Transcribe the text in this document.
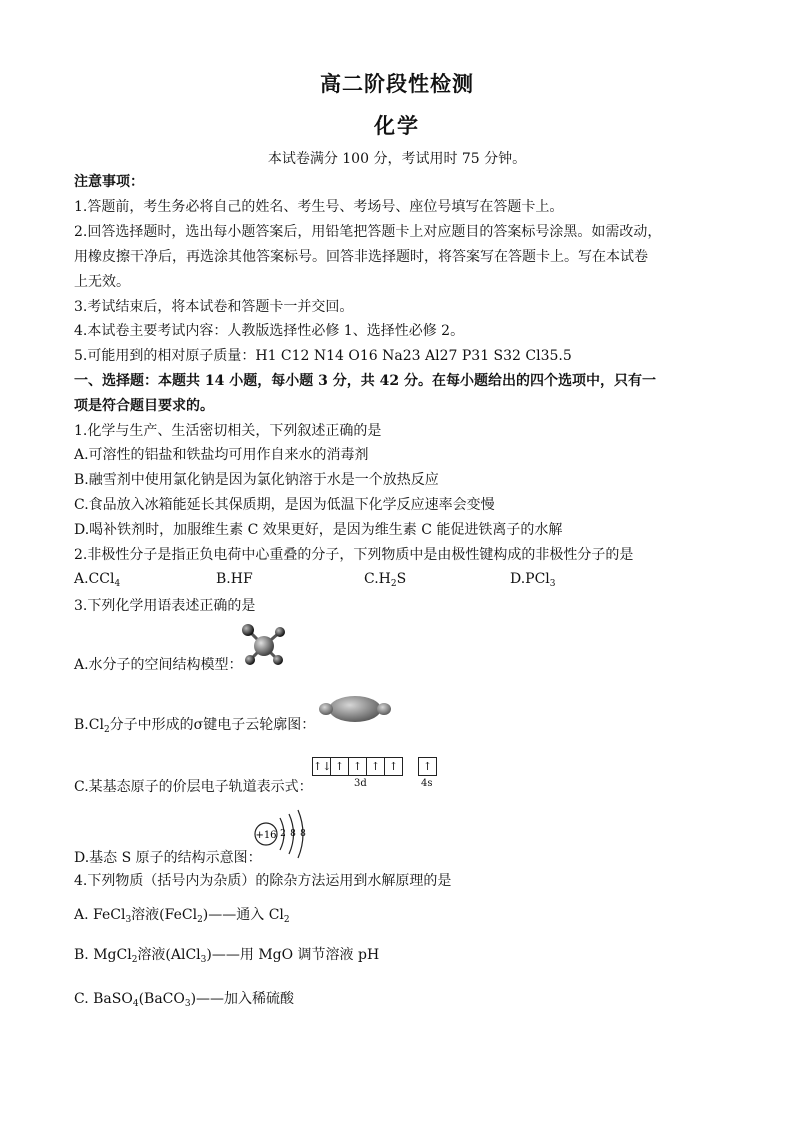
高二阶段性检测
化学
本试卷满分 100 分，考试用时 75 分钟。
注意事项：
1.答题前，考生务必将自己的姓名、考生号、考场号、座位号填写在答题卡上。
2.回答选择题时，选出每小题答案后，用铅笔把答题卡上对应题目的答案标号涂黑。如需改动，
用橡皮擦干净后，再选涂其他答案标号。回答非选择题时，将答案写在答题卡上。写在本试卷
上无效。
3.考试结束后，将本试卷和答题卡一并交回。
4.本试卷主要考试内容：人教版选择性必修 1、选择性必修 2。
5.可能用到的相对原子质量：H1 C12 N14 O16 Na23 Al27 P31 S32 Cl35.5
一、选择题：本题共 14 小题，每小题 3 分，共 42 分。在每小题给出的四个选项中，只有一
项是符合题目要求的。
1.化学与生产、生活密切相关，下列叙述正确的是
A.可溶性的铝盐和铁盐均可用作自来水的消毒剂
B.融雪剂中使用氯化钠是因为氯化钠溶于水是一个放热反应
C.食品放入冰箱能延长其保质期，是因为低温下化学反应速率会变慢
D.喝补铁剂时，加服维生素 C 效果更好，是因为维生素 C 能促进铁离子的水解
2.非极性分子是指正负电荷中心重叠的分子，下列物质中是由极性键构成的非极性分子的是
A.CCl$_4$	B.HF	$C.H_2S$	D.PCl$_3$
3.下列化学用语表述正确的是
A.水分子的空间结构模型：
$B.Cl_2$分子中形成的σ键电子云轮廓图：
↑↓ ↑ ↑ ↑ ↑	↑
3d	4s
C.某基态原子的价层电子轨道表示式：
+16 2 8 8
D.基态 S 原子的结构示意图：
4.下列物质（括号内为杂质）的除杂方法运用到水解原理的是
A. FeCl$_3$溶液(FeCl$_2$)——通入 $Cl_2$
B. MgCl$_2$溶液(AlCl$_3$)——用 MgO 调节溶液 pH
C. BaSO$_4$(BaCO$_3$)——加入稀硫酸
